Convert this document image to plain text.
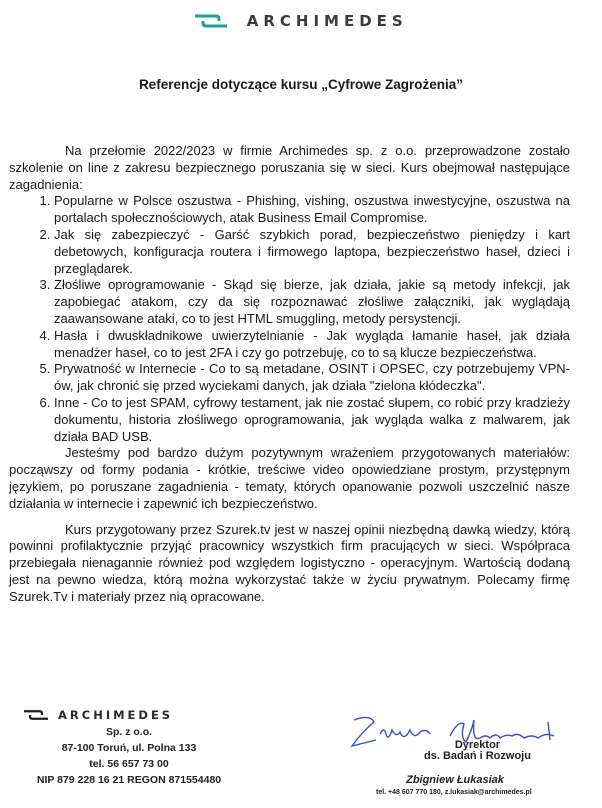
ARCHIMEDES
Referencje dotyczące kursu „Cyfrowe Zagrożenia”

Na przełomie 2022/2023 w firmie Archimedes sp. z o.o. przeprowadzone zostało szkolenie on line z zakresu bezpiecznego poruszania się w sieci. Kurs obejmował następujące zagadnienia:

1. Popularne w Polsce oszustwa - Phishing, vishing, oszustwa inwestycyjne, oszustwa na portalach społecznościowych, atak Business Email Compromise.
2. Jak się zabezpieczyć - Garść szybkich porad, bezpieczeństwo pieniędzy i kart debetowych, konfiguracja routera i firmowego laptopa, bezpieczeństwo haseł, dzieci i przeglądarek.
3. Złośliwe oprogramowanie - Skąd się bierze, jak działa, jakie są metody infekcji, jak zapobiegać atakom, czy da się rozpoznawać złośliwe załączniki, jak wyglądają zaawansowane ataki, co to jest HTML smuggling, metody persystencji.
4. Hasła i dwuskładnikowe uwierzytelnianie - Jak wygląda łamanie haseł, jak działa menadżer haseł, co to jest 2FA i czy go potrzebuję, co to są klucze bezpieczeństwa.
5. Prywatność w Internecie - Co to są metadane, OSINT i OPSEC, czy potrzebujemy VPN-ów, jak chronić się przed wyciekami danych, jak działa "zielona kłódeczka".
6. Inne - Co to jest SPAM, cyfrowy testament, jak nie zostać słupem, co robić przy kradzieży dokumentu, historia złośliwego oprogramowania, jak wygląda walka z malwarem, jak działa BAD USB.

Jesteśmy pod bardzo dużym pozytywnym wrażeniem przygotowanych materiałów: począwszy od formy podania - krótkie, treściwe video opowiedziane prostym, przystępnym językiem, po poruszane zagadnienia - tematy, których opanowanie pozwoli uszczelnić nasze działania w internecie i zapewnić ich bezpieczeństwo.

Kurs przygotowany przez Szurek.tv jest w naszej opinii niezbędną dawką wiedzy, którą powinni profilaktycznie przyjąć pracownicy wszystkich firm pracujących w sieci. Współpraca przebiegała nienagannie również pod względem logistyczno - operacyjnym. Wartością dodaną jest na pewno wiedza, którą można wykorzystać także w życiu prywatnym. Polecamy firmę Szurek.Tv i materiały przez nią opracowane.

ARCHIMEDES
Sp. z o.o.
87-100 Toruń, ul. Polna 133
tel. 56 657 73 00
NIP 879 228 16 21 REGON 871554480
Dyrektor
ds. Badań i Rozwoju
Zbigniew Łukasiak
tel. +48 607 770 180, z.lukasiak@archimedes.pl
